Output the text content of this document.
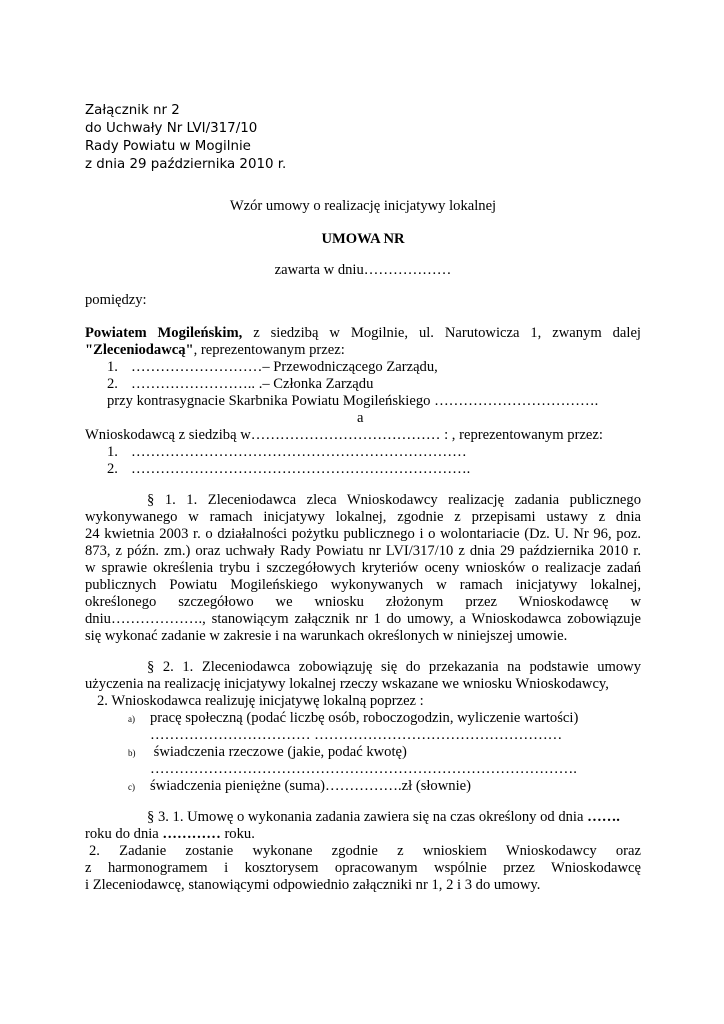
Załącznik nr 2
do Uchwały Nr LVI/317/10
Rady Powiatu w Mogilnie
z dnia 29 października 2010 r.
Wzór umowy o realizację inicjatywy lokalnej
UMOWA NR
zawarta w dniu………………
pomiędzy:
Powiatem Mogileńskim, z siedzibą w Mogilnie, ul. Narutowicza 1, zwanym dalej
"Zleceniodawcą", reprezentowanym przez:
1. ………………………– Przewodniczącego Zarządu,
2. …………………….. .– Członka Zarządu
przy kontrasygnacie Skarbnika Powiatu Mogileńskiego …………………………….
a
Wnioskodawcą z siedzibą w………………………………… : , reprezentowanym przez:
1. ……………………………………………………………
2. …………………………………………………………….
§ 1. 1. Zleceniodawca zleca Wnioskodawcy realizację zadania publicznego
wykonywanego w ramach inicjatywy lokalnej, zgodnie z przepisami ustawy z dnia
24 kwietnia 2003 r. o działalności pożytku publicznego i o wolontariacie (Dz. U. Nr 96, poz.
873, z późn. zm.) oraz uchwały Rady Powiatu nr LVI/317/10 z dnia 29 października 2010 r.
w sprawie określenia trybu i szczegółowych kryteriów oceny wniosków o realizacje zadań
publicznych Powiatu Mogileńskiego wykonywanych w ramach inicjatywy lokalnej,
określonego szczegółowo we wniosku złożonym przez Wnioskodawcę w
dniu………………., stanowiącym załącznik nr 1 do umowy, a Wnioskodawca zobowiązuje
się wykonać zadanie w zakresie i na warunkach określonych w niniejszej umowie.
§ 2. 1. Zleceniodawca zobowiązuję się do przekazania na podstawie umowy
użyczenia na realizację inicjatywy lokalnej rzeczy wskazane we wniosku Wnioskodawcy,
2. Wnioskodawca realizuję inicjatywę lokalną poprzez :
a) pracę społeczną (podać liczbę osób, roboczogodzin, wyliczenie wartości)
…………………………… ……………………………………………
b) świadczenia rzeczowe (jakie, podać kwotę)
…………………………………………………………………………….
c) świadczenia pieniężne (suma)…………….zł (słownie)
§ 3. 1. Umowę o wykonania zadania zawiera się na czas określony od dnia …….
roku do dnia ………… roku.
2. Zadanie zostanie wykonane zgodnie z wnioskiem Wnioskodawcy oraz
z harmonogramem i kosztorysem opracowanym wspólnie przez Wnioskodawcę
i Zleceniodawcę, stanowiącymi odpowiednio załączniki nr 1, 2 i 3 do umowy.
